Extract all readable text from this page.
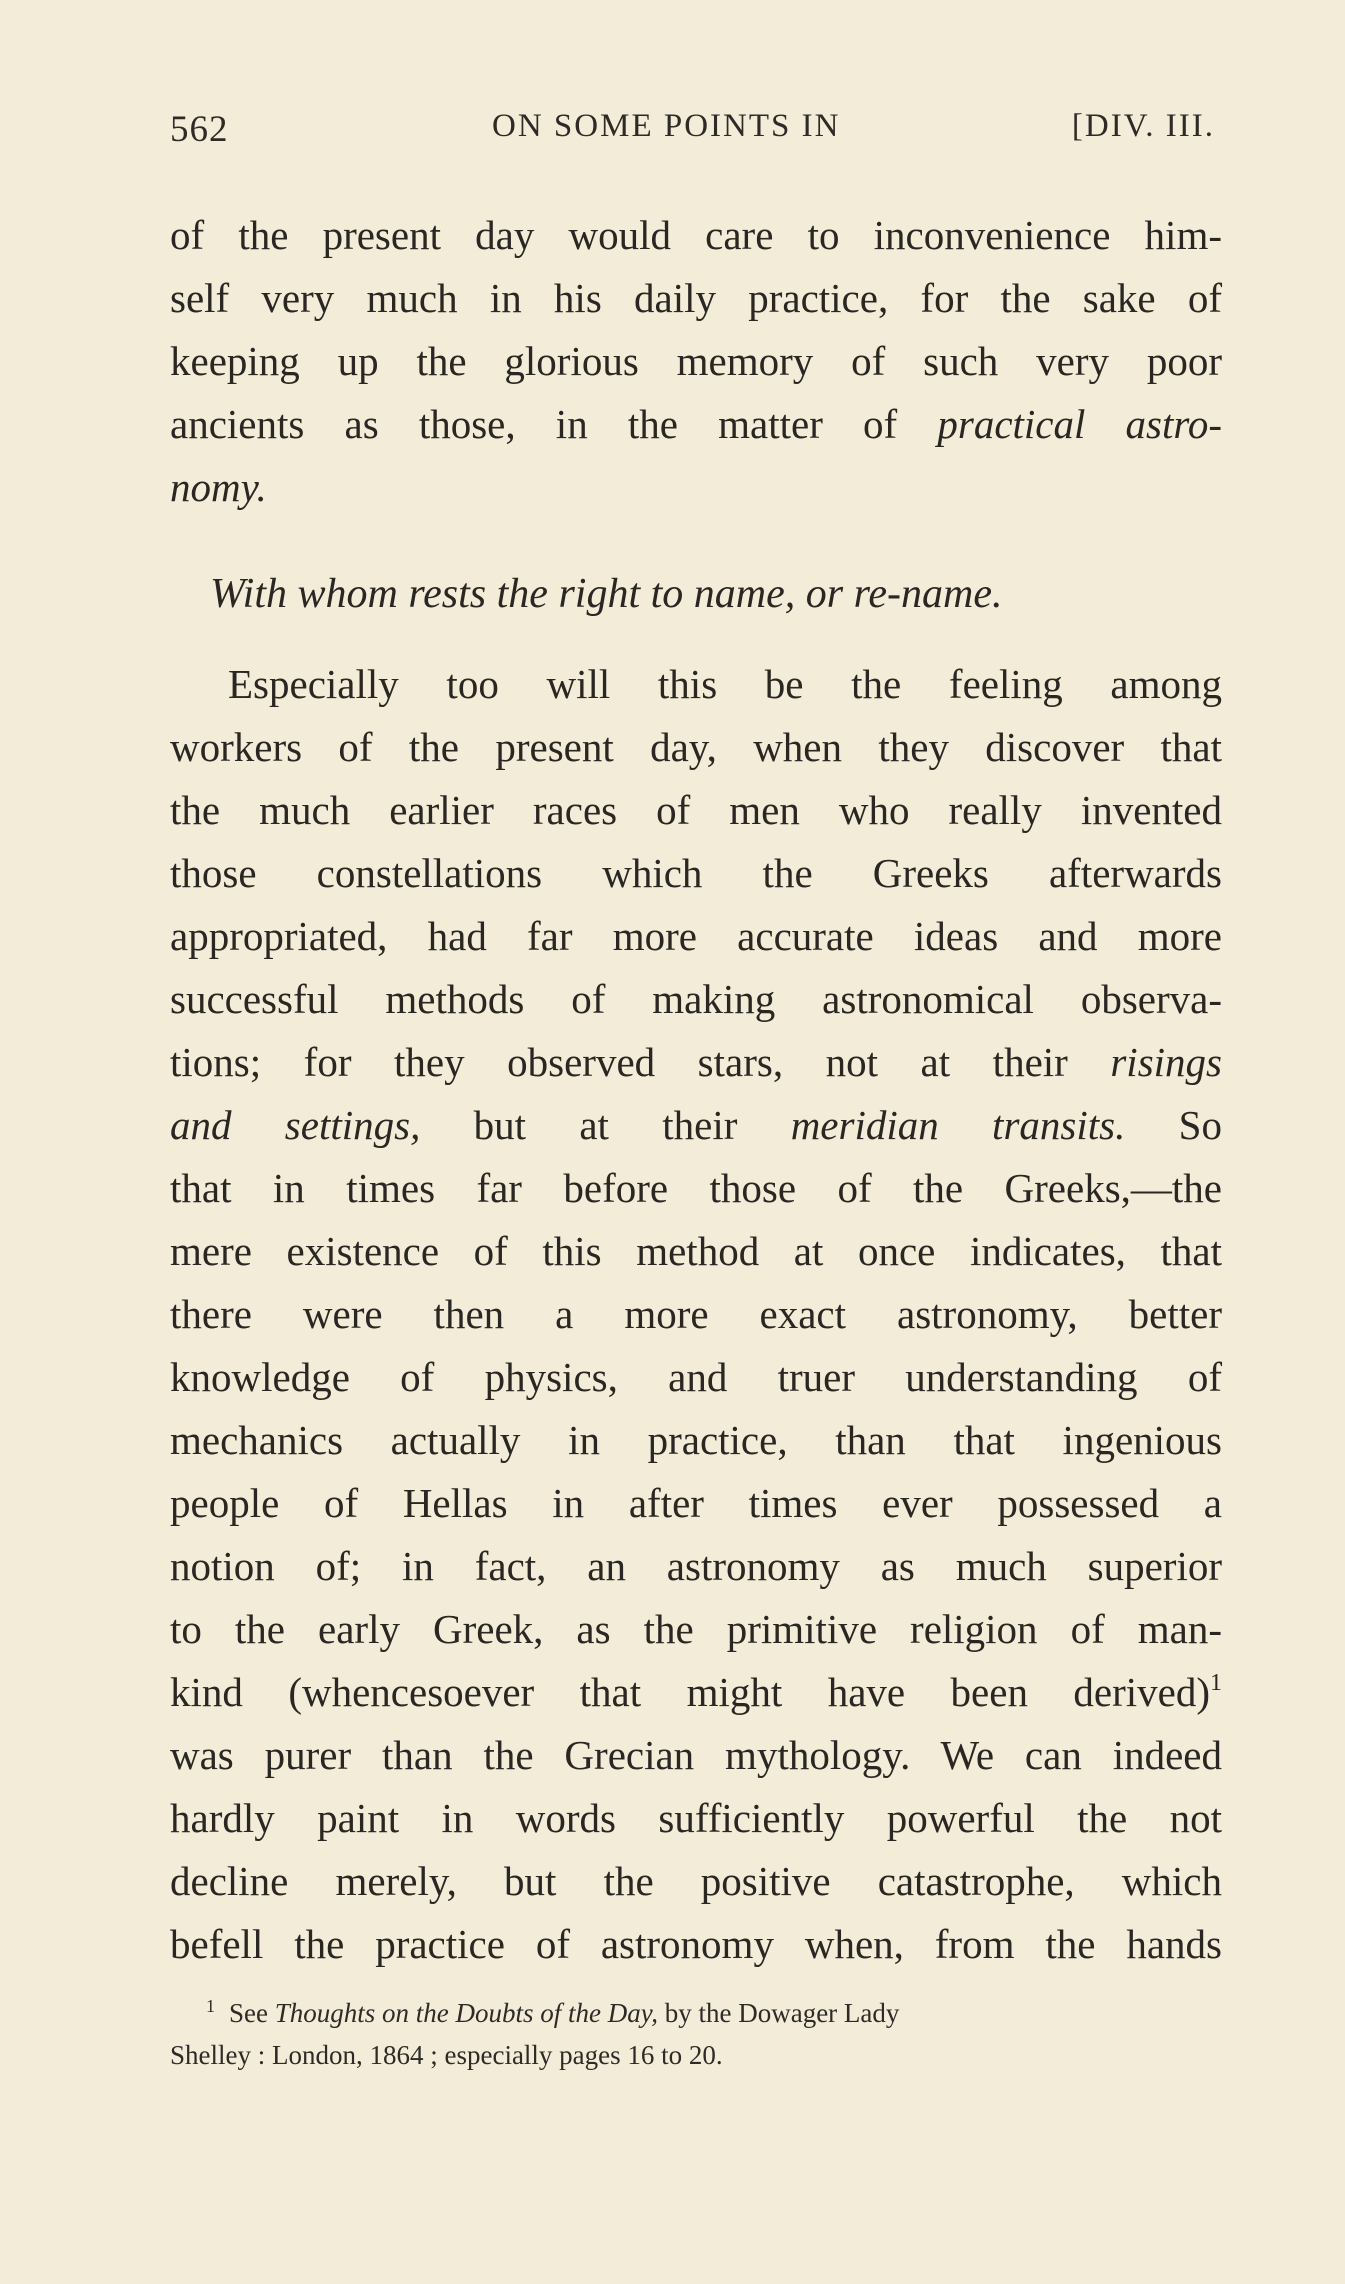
562	ON SOME POINTS IN	[DIV. III.
of the present day would care to inconvenience him-
self very much in his daily practice, for the sake of
keeping up the glorious memory of such very poor
ancients as those, in the matter of practical astro-
nomy.
With whom rests the right to name, or re-name.
Especially too will this be the feeling among
workers of the present day, when they discover that
the much earlier races of men who really invented
those constellations which the Greeks afterwards
appropriated, had far more accurate ideas and more
successful methods of making astronomical observa-
tions; for they observed stars, not at their risings
and settings, but at their meridian transits. So
that in times far before those of the Greeks,—the
mere existence of this method at once indicates, that
there were then a more exact astronomy, better
knowledge of physics, and truer understanding of
mechanics actually in practice, than that ingenious
people of Hellas in after times ever possessed a
notion of; in fact, an astronomy as much superior
to the early Greek, as the primitive religion of man-
kind (whencesoever that might have been derived)$^1$
was purer than the Grecian mythology. We can indeed
hardly paint in words sufficiently powerful the not
decline merely, but the positive catastrophe, which
befell the practice of astronomy when, from the hands
$^1$ See Thoughts on the Doubts of the Day, by the Dowager Lady
Shelley : London, 1864 ; especially pages 16 to 20.
